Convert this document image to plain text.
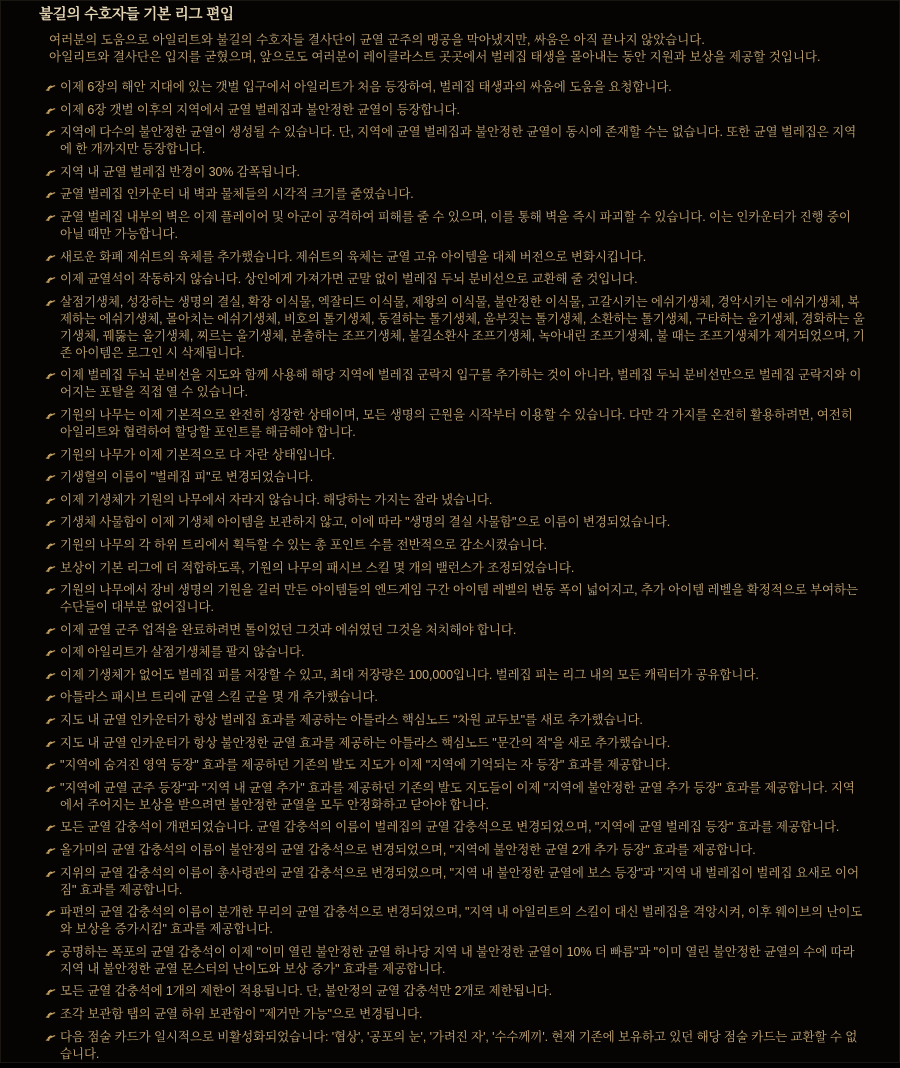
불길의 수호자들 기본 리그 편입
여러분의 도움으로 아일리트와 불길의 수호자들 결사단이 균열 군주의 맹공을 막아냈지만, 싸움은 아직 끝나지 않았습니다.
아일리트와 결사단은 입지를 굳혔으며, 앞으로도 여러분이 레이클라스트 곳곳에서 벌레집 태생을 몰아내는 동안 지원과 보상을 제공할 것입니다.
이제 6장의 해안 지대에 있는 갯벌 입구에서 아일리트가 처음 등장하여, 벌레집 태생과의 싸움에 도움을 요청합니다.
이제 6장 갯벌 이후의 지역에서 균열 벌레집과 불안정한 균열이 등장합니다.
지역에 다수의 불안정한 균열이 생성될 수 있습니다. 단, 지역에 균열 벌레집과 불안정한 균열이 동시에 존재할 수는 없습니다. 또한 균열 벌레집은 지역에 한 개까지만 등장합니다.
지역 내 균열 벌레집 반경이 30% 감폭됩니다.
균열 벌레집 인카운터 내 벽과 물체들의 시각적 크기를 줄였습니다.
균열 벌레집 내부의 벽은 이제 플레이어 및 아군이 공격하여 피해를 줄 수 있으며, 이를 통해 벽을 즉시 파괴할 수 있습니다. 이는 인카운터가 진행 중이 아닐 때만 가능합니다.
새로운 화폐 제쉬트의 육체를 추가했습니다. 제쉬트의 육체는 균열 고유 아이템을 대체 버전으로 변화시킵니다.
이제 균열석이 작동하지 않습니다. 상인에게 가져가면 군말 없이 벌레집 두뇌 분비선으로 교환해 줄 것입니다.
살점기생체, 성장하는 생명의 결실, 확장 이식물, 엑잘티드 이식물, 제왕의 이식물, 불안정한 이식물, 고갈시키는 에쉬기생체, 경악시키는 에쉬기생체, 복제하는 에쉬기생체, 몰아치는 에쉬기생체, 비호의 톨기생체, 동결하는 톨기생체, 울부짖는 톨기생체, 소환하는 톨기생체, 구타하는 울기생체, 경화하는 울기생체, 꿰뚫는 울기생체, 찌르는 울기생체, 분출하는 조프기생체, 불길소환사 조프기생체, 녹아내린 조프기생체, 불 때는 조프기생체가 제거되었으며, 기존 아이템은 로그인 시 삭제됩니다.
이제 벌레집 두뇌 분비선을 지도와 함께 사용해 해당 지역에 벌레집 군락지 입구를 추가하는 것이 아니라, 벌레집 두뇌 분비선만으로 벌레집 군락지와 이어지는 포탈을 직접 열 수 있습니다.
기원의 나무는 이제 기본적으로 완전히 성장한 상태이며, 모든 생명의 근원을 시작부터 이용할 수 있습니다. 다만 각 가지를 온전히 활용하려면, 여전히 아일리트와 협력하여 할당할 포인트를 해금해야 합니다.
기원의 나무가 이제 기본적으로 다 자란 상태입니다.
기생혈의 이름이 "벌레집 피"로 변경되었습니다.
이제 기생체가 기원의 나무에서 자라지 않습니다. 해당하는 가지는 잘라 냈습니다.
기생체 사물함이 이제 기생체 아이템을 보관하지 않고, 이에 따라 "생명의 결실 사물함"으로 이름이 변경되었습니다.
기원의 나무의 각 하위 트리에서 획득할 수 있는 총 포인트 수를 전반적으로 감소시켰습니다.
보상이 기본 리그에 더 적합하도록, 기원의 나무의 패시브 스킬 몇 개의 밸런스가 조정되었습니다.
기원의 나무에서 장비 생명의 기원을 길러 만든 아이템들의 엔드게임 구간 아이템 레벨의 변동 폭이 넓어지고, 추가 아이템 레벨을 확정적으로 부여하는 수단들이 대부분 없어집니다.
이제 균열 군주 업적을 완료하려면 톨이었던 그것과 에쉬였던 그것을 처치해야 합니다.
이제 아일리트가 살점기생체를 팔지 않습니다.
이제 기생체가 없어도 벌레집 피를 저장할 수 있고, 최대 저장량은 100,000입니다. 벌레집 피는 리그 내의 모든 캐릭터가 공유합니다.
아틀라스 패시브 트리에 균열 스킬 군을 몇 개 추가했습니다.
지도 내 균열 인카운터가 항상 벌레집 효과를 제공하는 아틀라스 핵심노드 "차원 교두보"를 새로 추가했습니다.
지도 내 균열 인카운터가 항상 불안정한 균열 효과를 제공하는 아틀라스 핵심노드 "문간의 적"을 새로 추가했습니다.
"지역에 숨겨진 영역 등장" 효과를 제공하던 기존의 발도 지도가 이제 "지역에 기억되는 자 등장" 효과를 제공합니다.
"지역에 균열 군주 등장"과 "지역 내 균열 추가" 효과를 제공하던 기존의 발도 지도들이 이제 "지역에 불안정한 균열 추가 등장" 효과를 제공합니다. 지역에서 주어지는 보상을 받으려면 불안정한 균열을 모두 안정화하고 닫아야 합니다.
모든 균열 갑충석이 개편되었습니다. 균열 갑충석의 이름이 벌레집의 균열 갑충석으로 변경되었으며, "지역에 균열 벌레집 등장" 효과를 제공합니다.
올가미의 균열 갑충석의 이름이 불안정의 균열 갑충석으로 변경되었으며, "지역에 불안정한 균열 2개 추가 등장" 효과를 제공합니다.
지위의 균열 갑충석의 이름이 총사령관의 균열 갑충석으로 변경되었으며, "지역 내 불안정한 균열에 보스 등장"과 "지역 내 벌레집이 벌레집 요새로 이어짐" 효과를 제공합니다.
파편의 균열 갑충석의 이름이 분개한 무리의 균열 갑충석으로 변경되었으며, "지역 내 아일리트의 스킬이 대신 벌레집을 격앙시켜, 이후 웨이브의 난이도와 보상을 증가시킴" 효과를 제공합니다.
공명하는 폭포의 균열 갑충석이 이제 "이미 열린 불안정한 균열 하나당 지역 내 불안정한 균열이 10% 더 빠름"과 "이미 열린 불안정한 균열의 수에 따라 지역 내 불안정한 균열 몬스터의 난이도와 보상 증가" 효과를 제공합니다.
모든 균열 갑충석에 1개의 제한이 적용됩니다. 단, 불안정의 균열 갑충석만 2개로 제한됩니다.
조각 보관함 탭의 균열 하위 보관함이 "제거만 가능"으로 변경됩니다.
다음 점술 카드가 일시적으로 비활성화되었습니다: '협상', '공포의 눈', '가려진 자', '수수께끼'. 현재 기존에 보유하고 있던 해당 점술 카드는 교환할 수 없습니다.
